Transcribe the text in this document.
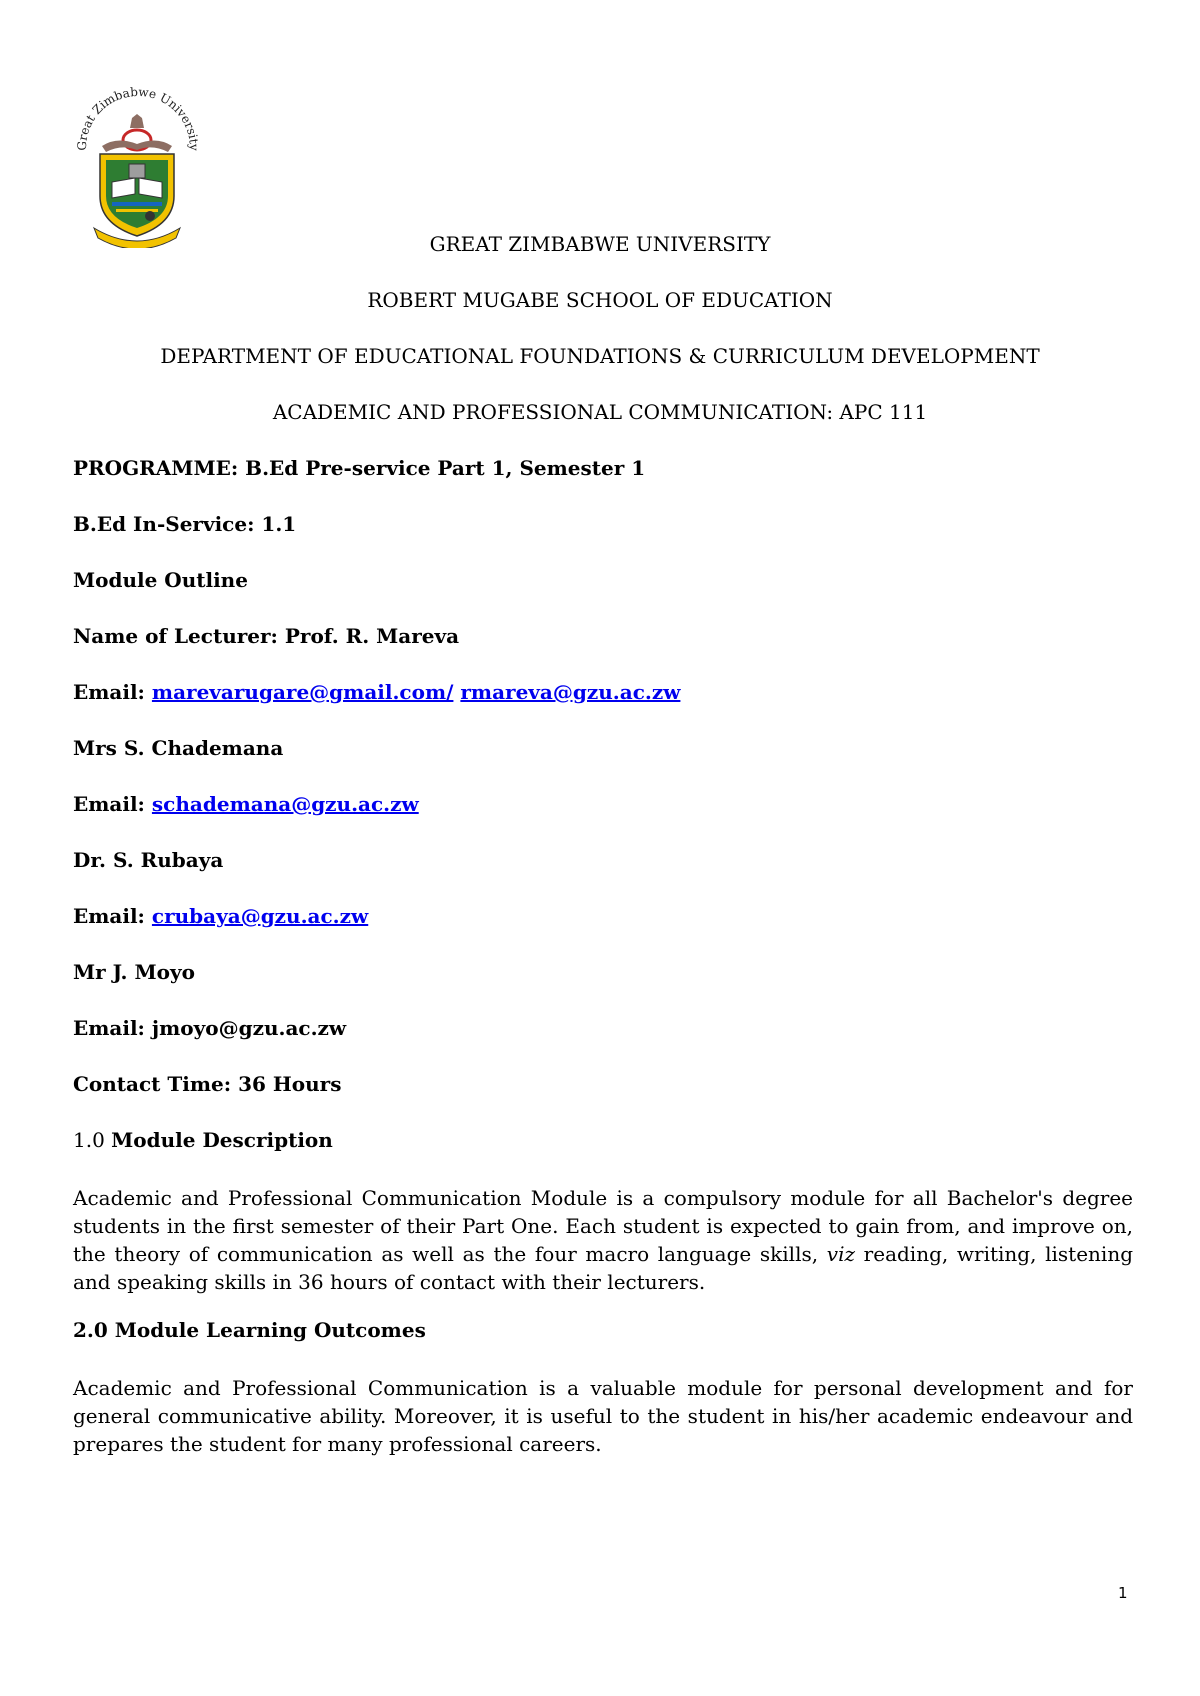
Great Zimbabwe University
GREAT ZIMBABWE UNIVERSITY
ROBERT MUGABE SCHOOL OF EDUCATION
DEPARTMENT OF EDUCATIONAL FOUNDATIONS & CURRICULUM DEVELOPMENT
ACADEMIC AND PROFESSIONAL COMMUNICATION: APC 111
PROGRAMME: B.Ed Pre-service Part 1, Semester 1
B.Ed In-Service: 1.1
Module Outline
Name of Lecturer: Prof. R. Mareva
Email: marevarugare@gmail.com/ rmareva@gzu.ac.zw
Mrs S. Chademana
Email: schademana@gzu.ac.zw
Dr. S. Rubaya
Email: crubaya@gzu.ac.zw
Mr J. Moyo
Email: jmoyo@gzu.ac.zw
Contact Time: 36 Hours
1.0 Module Description
Academic and Professional Communication Module is a compulsory module for all Bachelor's degree students in the first semester of their Part One. Each student is expected to gain from, and improve on, the theory of communication as well as the four macro language skills, viz reading, writing, listening and speaking skills in 36 hours of contact with their lecturers.
2.0 Module Learning Outcomes
Academic and Professional Communication is a valuable module for personal development and for general communicative ability. Moreover, it is useful to the student in his/her academic endeavour and prepares the student for many professional careers.
1
